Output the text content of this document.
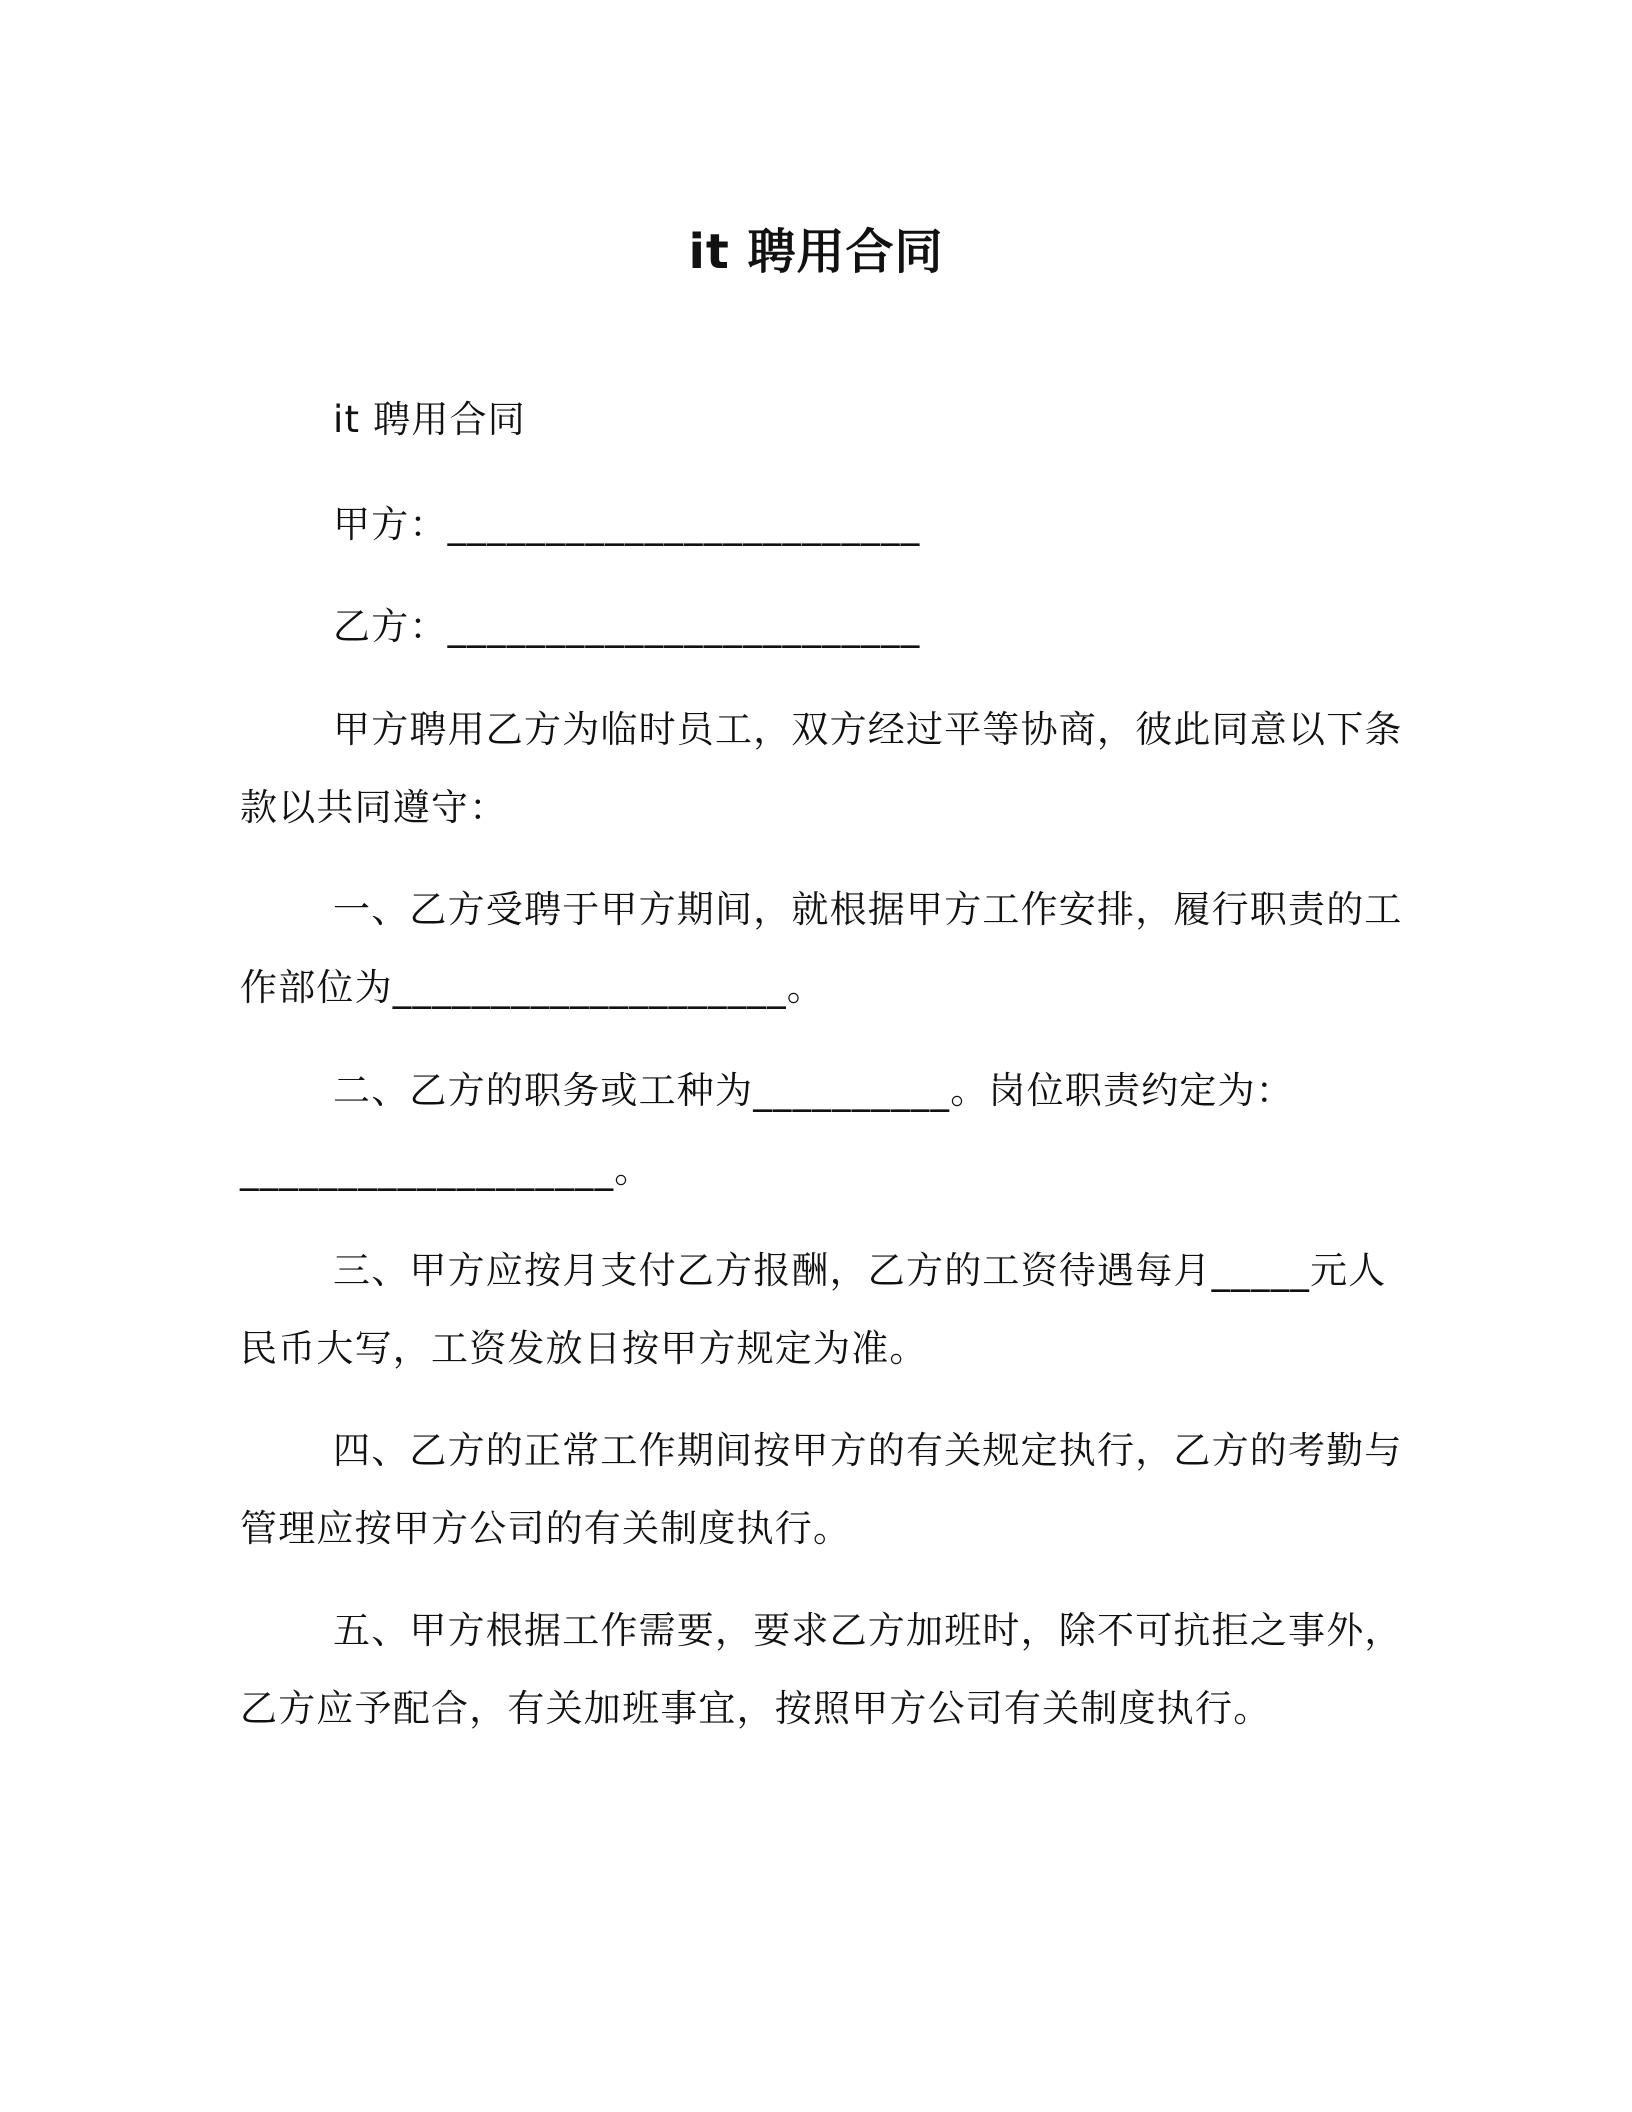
it 聘用合同
it 聘用合同
甲方：________________________
乙方：________________________
甲方聘用乙方为临时员工，双方经过平等协商，彼此同意以下条
款以共同遵守：
一、乙方受聘于甲方期间，就根据甲方工作安排，履行职责的工
作部位为____________________。
二、乙方的职务或工种为__________。岗位职责约定为：
___________________。
三、甲方应按月支付乙方报酬，乙方的工资待遇每月_____元人
民币大写，工资发放日按甲方规定为准。
四、乙方的正常工作期间按甲方的有关规定执行，乙方的考勤与
管理应按甲方公司的有关制度执行。
五、甲方根据工作需要，要求乙方加班时，除不可抗拒之事外，
乙方应予配合，有关加班事宜，按照甲方公司有关制度执行。
